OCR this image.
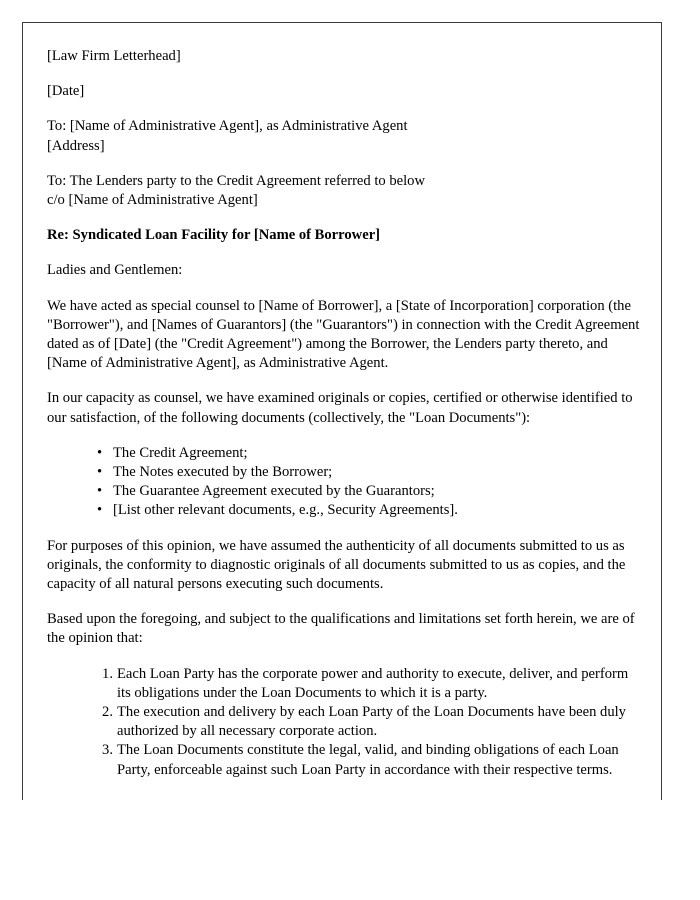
[Law Firm Letterhead]

[Date]

To: [Name of Administrative Agent], as Administrative Agent
[Address]

To: The Lenders party to the Credit Agreement referred to below
c/o [Name of Administrative Agent]

Re: Syndicated Loan Facility for [Name of Borrower]

Ladies and Gentlemen:

We have acted as special counsel to [Name of Borrower], a [State of Incorporation] corporation (the "Borrower"), and [Names of Guarantors] (the "Guarantors") in connection with the Credit Agreement dated as of [Date] (the "Credit Agreement") among the Borrower, the Lenders party thereto, and [Name of Administrative Agent], as Administrative Agent.

In our capacity as counsel, we have examined originals or copies, certified or otherwise identified to our satisfaction, of the following documents (collectively, the "Loan Documents"):

• The Credit Agreement;
• The Notes executed by the Borrower;
• The Guarantee Agreement executed by the Guarantors;
• [List other relevant documents, e.g., Security Agreements].

For purposes of this opinion, we have assumed the authenticity of all documents submitted to us as originals, the conformity to diagnostic originals of all documents submitted to us as copies, and the capacity of all natural persons executing such documents.

Based upon the foregoing, and subject to the qualifications and limitations set forth herein, we are of the opinion that:

Each Loan Party has the corporate power and authority to execute, deliver, and perform its obligations under the Loan Documents to which it is a party.
The execution and delivery by each Loan Party of the Loan Documents have been duly authorized by all necessary corporate action.
The Loan Documents constitute the legal, valid, and binding obligations of each Loan Party, enforceable against such Loan Party in accordance with their respective terms.
